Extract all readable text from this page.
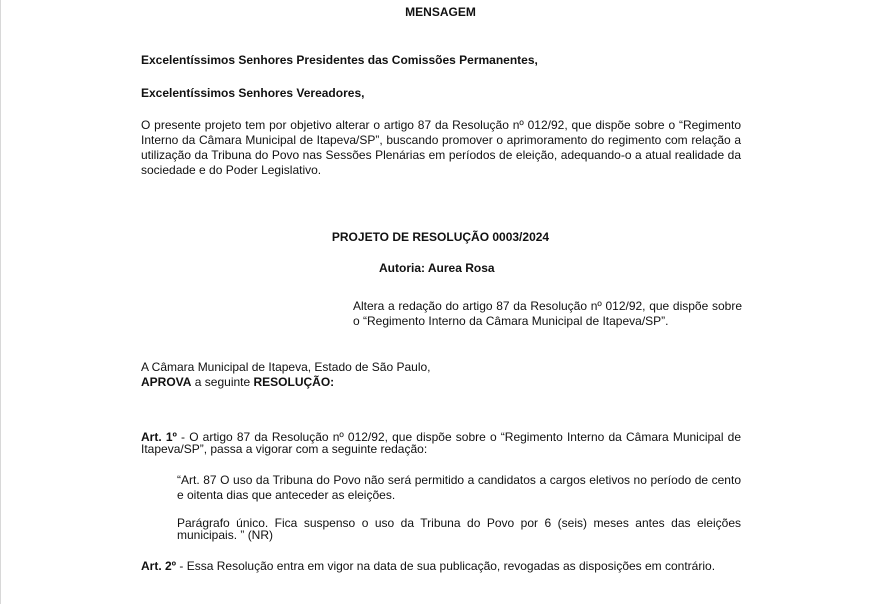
MENSAGEM
Excelentíssimos Senhores Presidentes das Comissões Permanentes,
Excelentíssimos Senhores Vereadores,
O presente projeto tem por objetivo alterar o artigo 87 da Resolução nº 012/92, que dispõe sobre o “Regimento Interno da Câmara Municipal de Itapeva/SP”, buscando promover o aprimoramento do regimento com relação a utilização da Tribuna do Povo nas Sessões Plenárias em períodos de eleição, adequando-o a atual realidade da sociedade e do Poder Legislativo.
PROJETO DE RESOLUÇÃO 0003/2024
Autoria: Aurea Rosa
Altera a redação do artigo 87 da Resolução nº 012/92, que dispõe sobre o “Regimento Interno da Câmara Municipal de Itapeva/SP”.
A Câmara Municipal de Itapeva, Estado de São Paulo,
APROVA a seguinte RESOLUÇÃO:
Art. 1º - O artigo 87 da Resolução nº 012/92, que dispõe sobre o “Regimento Interno da Câmara Municipal de Itapeva/SP”, passa a vigorar com a seguinte redação:
“Art. 87 O uso da Tribuna do Povo não será permitido a candidatos a cargos eletivos no período de cento e oitenta dias que anteceder as eleições.
Parágrafo único. Fica suspenso o uso da Tribuna do Povo por 6 (seis) meses antes das eleições municipais. ” (NR)
Art. 2º - Essa Resolução entra em vigor na data de sua publicação, revogadas as disposições em contrário.
